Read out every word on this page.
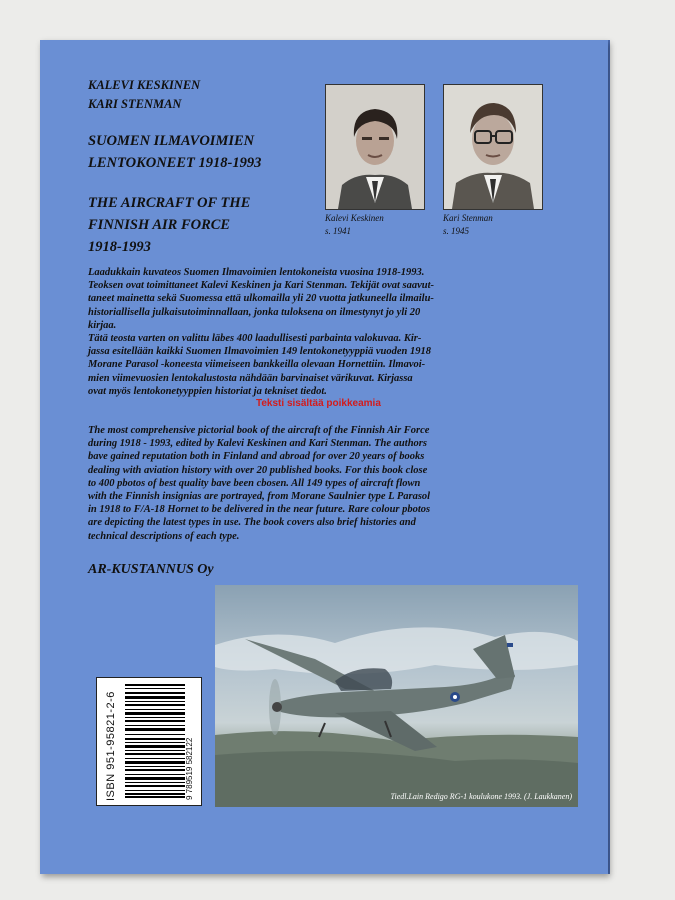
KALEVI KESKINEN
KARI STENMAN
SUOMEN ILMAVOIMIEN
LENTOKONEET 1918-1993
THE AIRCRAFT OF THE
FINNISH AIR FORCE
1918-1993
Kalevi Keskinen
s. 1941
Kari Stenman
s. 1945
Laadukkain kuvateos Suomen Ilmavoimien lentokoneista vuosina 1918-1993.
Teoksen ovat toimittaneet Kalevi Keskinen ja Kari Stenman. Tekijät ovat saavut-
taneet mainetta sekä Suomessa että ulkomailla yli 20 vuotta jatkuneella ilmailu-
historiallisella julkaisutoiminnallaan, jonka tuloksena on ilmestynyt jo yli 20
kirjaa.
Tätä teosta varten on valittu läbes 400 laadullisesti parbainta valokuvaa. Kir-
jassa esitellään kaikki Suomen Ilmavoimien 149 lentokonetyyppiä vuoden 1918
Morane Parasol -koneesta viimeiseen bankkeilla olevaan Hornettiin. Ilmavoi-
mien viimevuosien lentokalustosta nähdään barvinaiset värikuvat. Kirjassa
ovat myös lentokonetyyppien historiat ja tekniset tiedot.
Teksti sisältää poikkeamia
The most comprehensive pictorial book of the aircraft of the Finnish Air Force
during 1918 - 1993, edited by Kalevi Keskinen and Kari Stenman. The authors
bave gained reputation both in Finland and abroad for over 20 years of books
dealing with aviation history with over 20 published books. For this book close
to 400 pbotos of best quality bave been cbosen. All 149 types of aircraft flown
with the Finnish insignias are portrayed, from Morane Saulnier type L Parasol
in 1918 to F/A-18 Hornet to be delivered in the near future. Rare colour pbotos
are depicting the latest types in use. The book covers also brief histories and
technical descriptions of each type.
AR-KUSTANNUS Oy
Tiedl.Lain Redigo RG-1 koulukone 1993. (J. Laukkanen)
ISBN 951-95821-2-6	9 789519 582122
